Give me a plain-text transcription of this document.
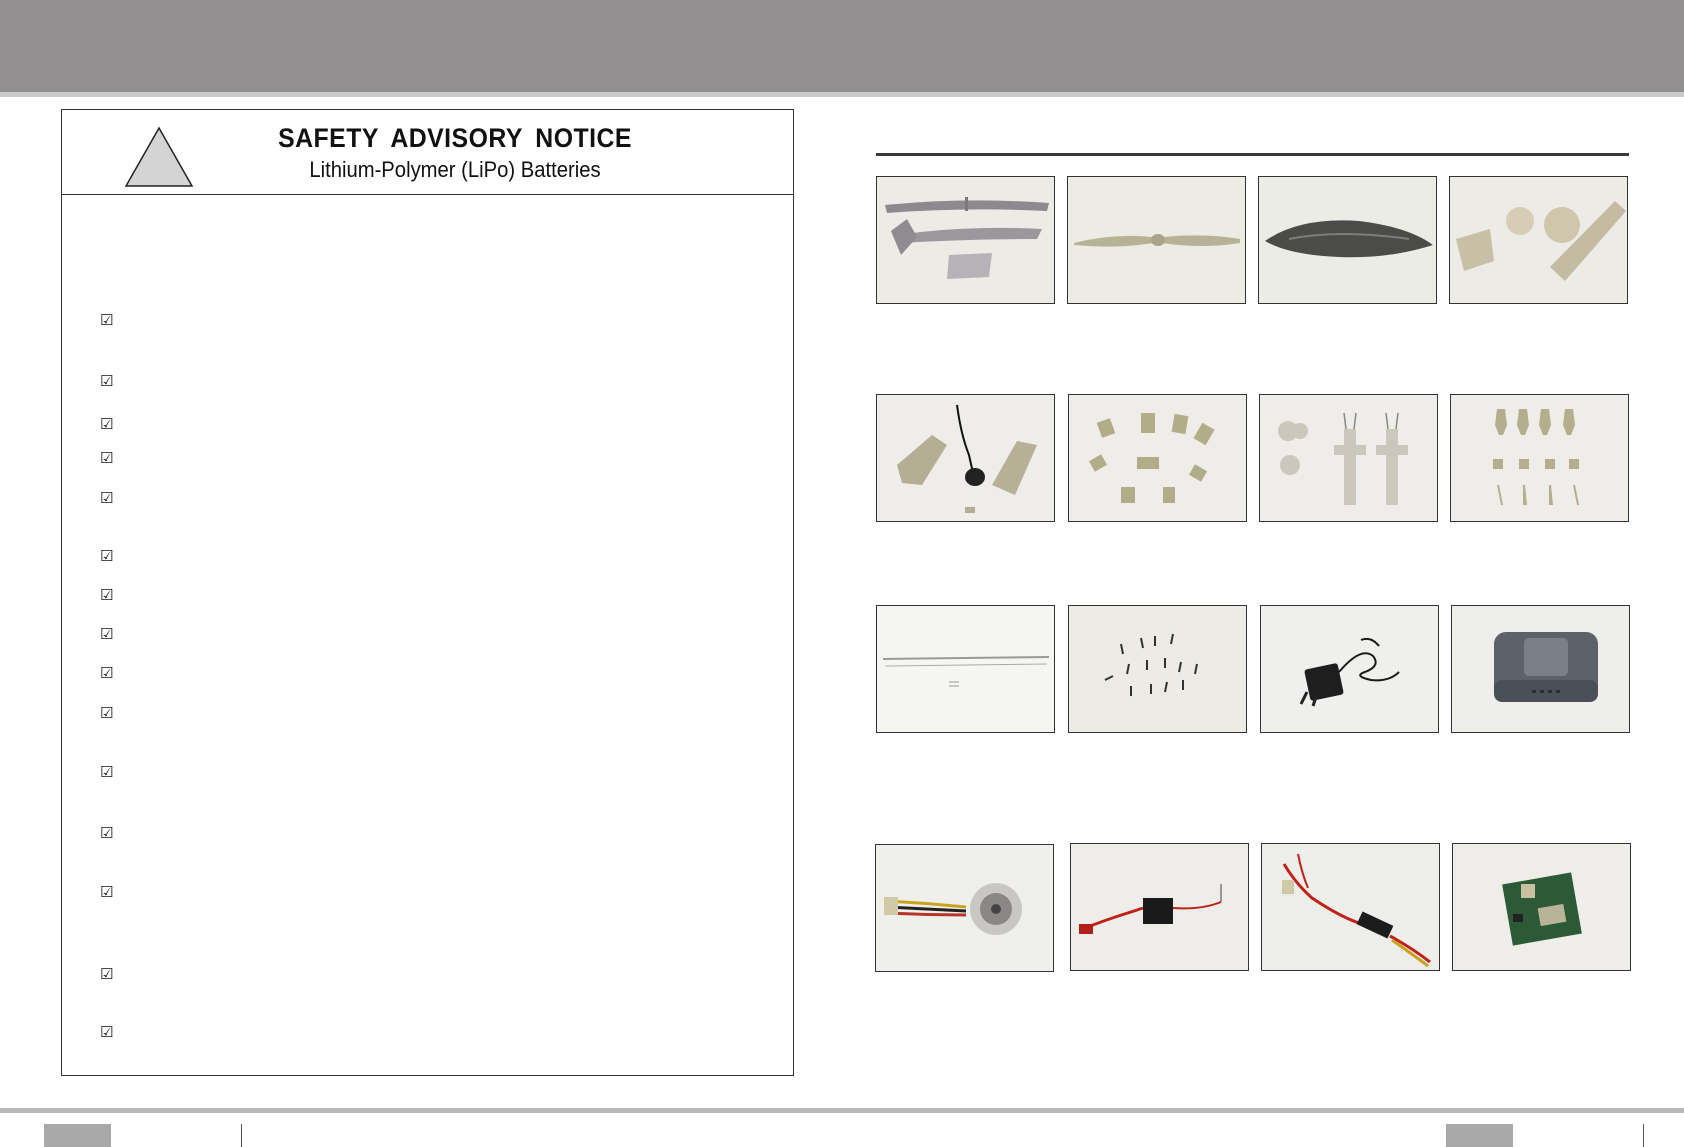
SAFETY ADVISORY NOTICE
Lithium-Polymer (LiPo) Batteries
☑
☑
☑
☑
☑
☑
☑
☑
☑
☑
☑
☑
☑
☑
☑
